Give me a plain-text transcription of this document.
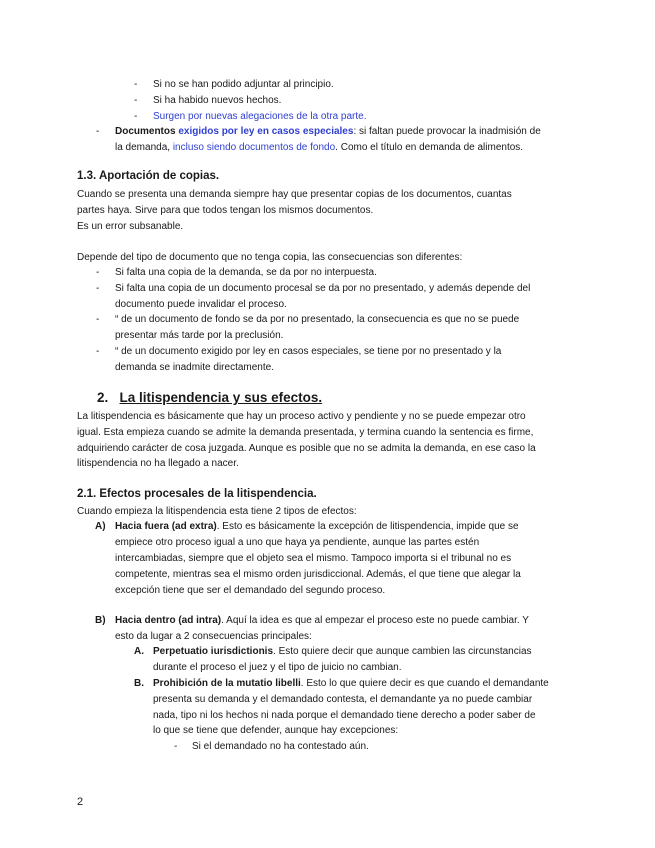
- Si no se han podido adjuntar al principio.
- Si ha habido nuevos hechos.
- Surgen por nuevas alegaciones de la otra parte.
- Documentos exigidos por ley en casos especiales: si faltan puede provocar la inadmisión de
la demanda, incluso siendo documentos de fondo. Como el título en demanda de alimentos.
1.3. Aportación de copias.
Cuando se presenta una demanda siempre hay que presentar copias de los documentos, cuantas
partes haya. Sirve para que todos tengan los mismos documentos.
Es un error subsanable.
Depende del tipo de documento que no tenga copia, las consecuencias son diferentes:
- Si falta una copia de la demanda, se da por no interpuesta.
- Si falta una copia de un documento procesal se da por no presentado, y además depende del
documento puede invalidar el proceso.
- “ de un documento de fondo se da por no presentado, la consecuencia es que no se puede
presentar más tarde por la preclusión.
- “ de un documento exigido por ley en casos especiales, se tiene por no presentado y la
demanda se inadmite directamente.
2. La litispendencia y sus efectos.
La litispendencia es básicamente que hay un proceso activo y pendiente y no se puede empezar otro
igual. Esta empieza cuando se admite la demanda presentada, y termina cuando la sentencia es firme,
adquiriendo carácter de cosa juzgada. Aunque es posible que no se admita la demanda, en ese caso la
litispendencia no ha llegado a nacer.
2.1. Efectos procesales de la litispendencia.
Cuando empieza la litispendencia esta tiene 2 tipos de efectos:
A) Hacia fuera (ad extra). Esto es básicamente la excepción de litispendencia, impide que se
empiece otro proceso igual a uno que haya ya pendiente, aunque las partes estén
intercambiadas, siempre que el objeto sea el mismo. Tampoco importa si el tribunal no es
competente, mientras sea el mismo orden jurisdiccional. Además, el que tiene que alegar la
excepción tiene que ser el demandado del segundo proceso.
B) Hacia dentro (ad intra). Aquí la idea es que al empezar el proceso este no puede cambiar. Y
esto da lugar a 2 consecuencias principales:
A. Perpetuatio iurisdictionis. Esto quiere decir que aunque cambien las circunstancias
durante el proceso el juez y el tipo de juicio no cambian.
B. Prohibición de la mutatio libelli. Esto lo que quiere decir es que cuando el demandante
presenta su demanda y el demandado contesta, el demandante ya no puede cambiar
nada, tipo ni los hechos ni nada porque el demandado tiene derecho a poder saber de
lo que se tiene que defender, aunque hay excepciones:
- Si el demandado no ha contestado aún.
2
